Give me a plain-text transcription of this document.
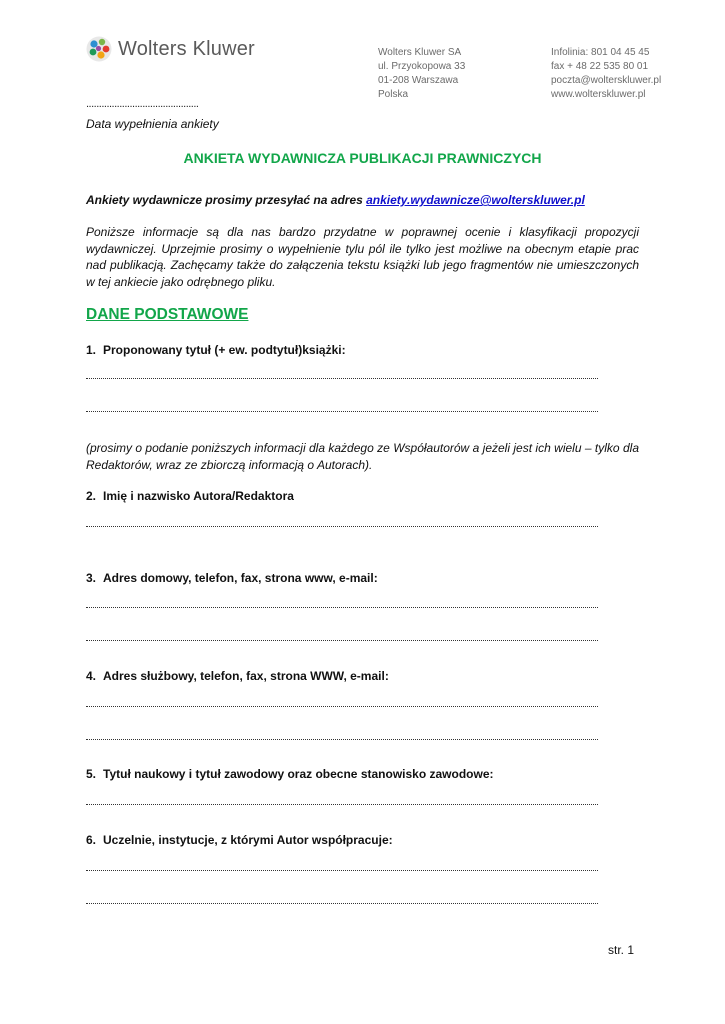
Wolters Kluwer	Wolters Kluwer SA
ul. Przyokopowa 33
01-208 Warszawa
Polska
Infolinia: 801 04 45 45
fax + 48 22 535 80 01
poczta@wolterskluwer.pl
www.wolterskluwer.pl
............................................
Data wypełnienia ankiety
ANKIETA WYDAWNICZA PUBLIKACJI PRAWNICZYCH
Ankiety wydawnicze prosimy przesyłać na adres ankiety.wydawnicze@wolterskluwer.pl
Poniższe informacje są dla nas bardzo przydatne w poprawnej ocenie i klasyfikacji propozycji wydawniczej. Uprzejmie prosimy o wypełnienie tylu pól ile tylko jest możliwe na obecnym etapie prac nad publikacją. Zachęcamy także do załączenia tekstu książki lub jego fragmentów nie umieszczonych w tej ankiecie jako odrębnego pliku.
DANE PODSTAWOWE
1. Proponowany tytuł (+ ew. podtytuł)książki:
(prosimy o podanie poniższych informacji dla każdego ze Współautorów a jeżeli jest ich wielu – tylko dla Redaktorów, wraz ze zbiorczą informacją o Autorach).
2. Imię i nazwisko Autora/Redaktora
3. Adres domowy, telefon, fax, strona www, e-mail:
4. Adres służbowy, telefon, fax, strona WWW, e-mail:
5. Tytuł naukowy i tytuł zawodowy oraz obecne stanowisko zawodowe:
6. Uczelnie, instytucje, z którymi Autor współpracuje:
str. 1
